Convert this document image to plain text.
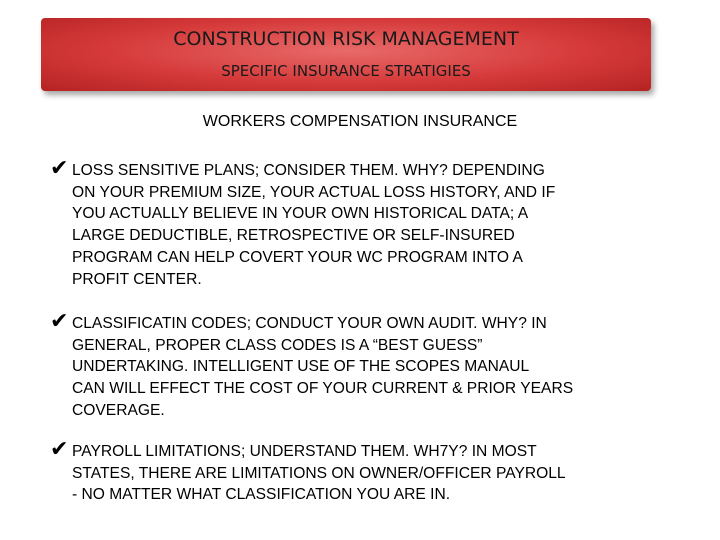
CONSTRUCTION RISK MANAGEMENT
SPECIFIC INSURANCE STRATIGIES
WORKERS COMPENSATION INSURANCE
✔ LOSS SENSITIVE PLANS; CONSIDER THEM. WHY? DEPENDING
ON YOUR PREMIUM SIZE, YOUR ACTUAL LOSS HISTORY, AND IF
YOU ACTUALLY BELIEVE IN YOUR OWN HISTORICAL DATA; A
LARGE DEDUCTIBLE, RETROSPECTIVE OR SELF-INSURED
PROGRAM CAN HELP COVERT YOUR WC PROGRAM INTO A
PROFIT CENTER.
✔ CLASSIFICATIN CODES; CONDUCT YOUR OWN AUDIT. WHY? IN
GENERAL, PROPER CLASS CODES IS A “BEST GUESS”
UNDERTAKING. INTELLIGENT USE OF THE SCOPES MANAUL
CAN WILL EFFECT THE COST OF YOUR CURRENT & PRIOR YEARS
COVERAGE.
✔ PAYROLL LIMITATIONS; UNDERSTAND THEM. WH7Y? IN MOST
STATES, THERE ARE LIMITATIONS ON OWNER/OFFICER PAYROLL
- NO MATTER WHAT CLASSIFICATION YOU ARE IN.
